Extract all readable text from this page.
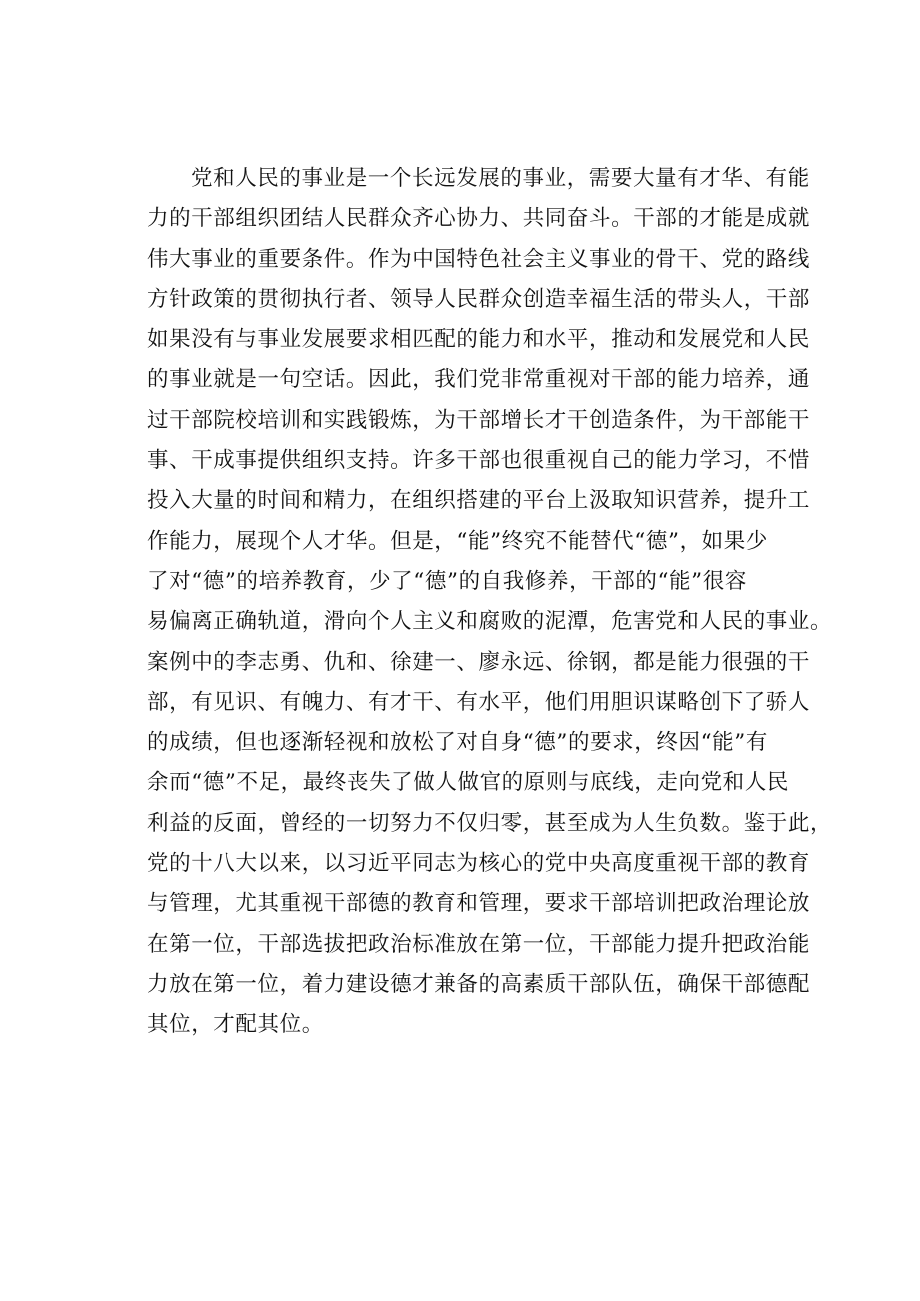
党和人民的事业是一个长远发展的事业，需要大量有才华、有能
力的干部组织团结人民群众齐心协力、共同奋斗。干部的才能是成就
伟大事业的重要条件。作为中国特色社会主义事业的骨干、党的路线
方针政策的贯彻执行者、领导人民群众创造幸福生活的带头人，干部
如果没有与事业发展要求相匹配的能力和水平，推动和发展党和人民
的事业就是一句空话。因此，我们党非常重视对干部的能力培养，通
过干部院校培训和实践锻炼，为干部增长才干创造条件，为干部能干
事、干成事提供组织支持。许多干部也很重视自己的能力学习，不惜
投入大量的时间和精力，在组织搭建的平台上汲取知识营养，提升工
作能力，展现个人才华。但是，“能”终究不能替代“德”，如果少
了对“德”的培养教育，少了“德”的自我修养，干部的“能”很容
易偏离正确轨道，滑向个人主义和腐败的泥潭，危害党和人民的事业。
案例中的李志勇、仇和、徐建一、廖永远、徐钢，都是能力很强的干
部，有见识、有魄力、有才干、有水平，他们用胆识谋略创下了骄人
的成绩，但也逐渐轻视和放松了对自身“德”的要求，终因“能”有
余而“德”不足，最终丧失了做人做官的原则与底线，走向党和人民
利益的反面，曾经的一切努力不仅归零，甚至成为人生负数。鉴于此，
党的十八大以来，以习近平同志为核心的党中央高度重视干部的教育
与管理，尤其重视干部德的教育和管理，要求干部培训把政治理论放
在第一位，干部选拔把政治标准放在第一位，干部能力提升把政治能
力放在第一位，着力建设德才兼备的高素质干部队伍，确保干部德配
其位，才配其位。
